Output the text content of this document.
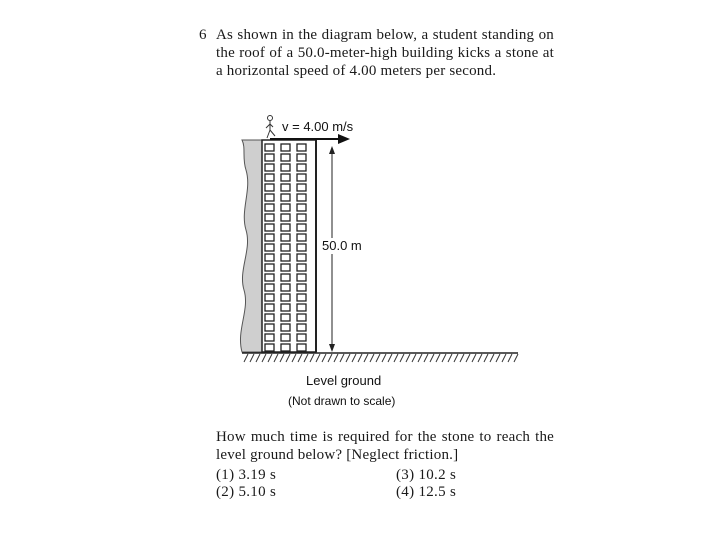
6 As shown in the diagram below, a student standing on the roof of a 50.0-meter-high building kicks a stone at a horizontal speed of 4.00 meters per second.
v = 4.00 m/s
50.0 m
Level ground
(Not drawn to scale)
How much time is required for the stone to reach the level ground below? [Neglect friction.]
(1) 3.19 s
(2) 5.10 s
(3) 10.2 s
(4) 12.5 s
